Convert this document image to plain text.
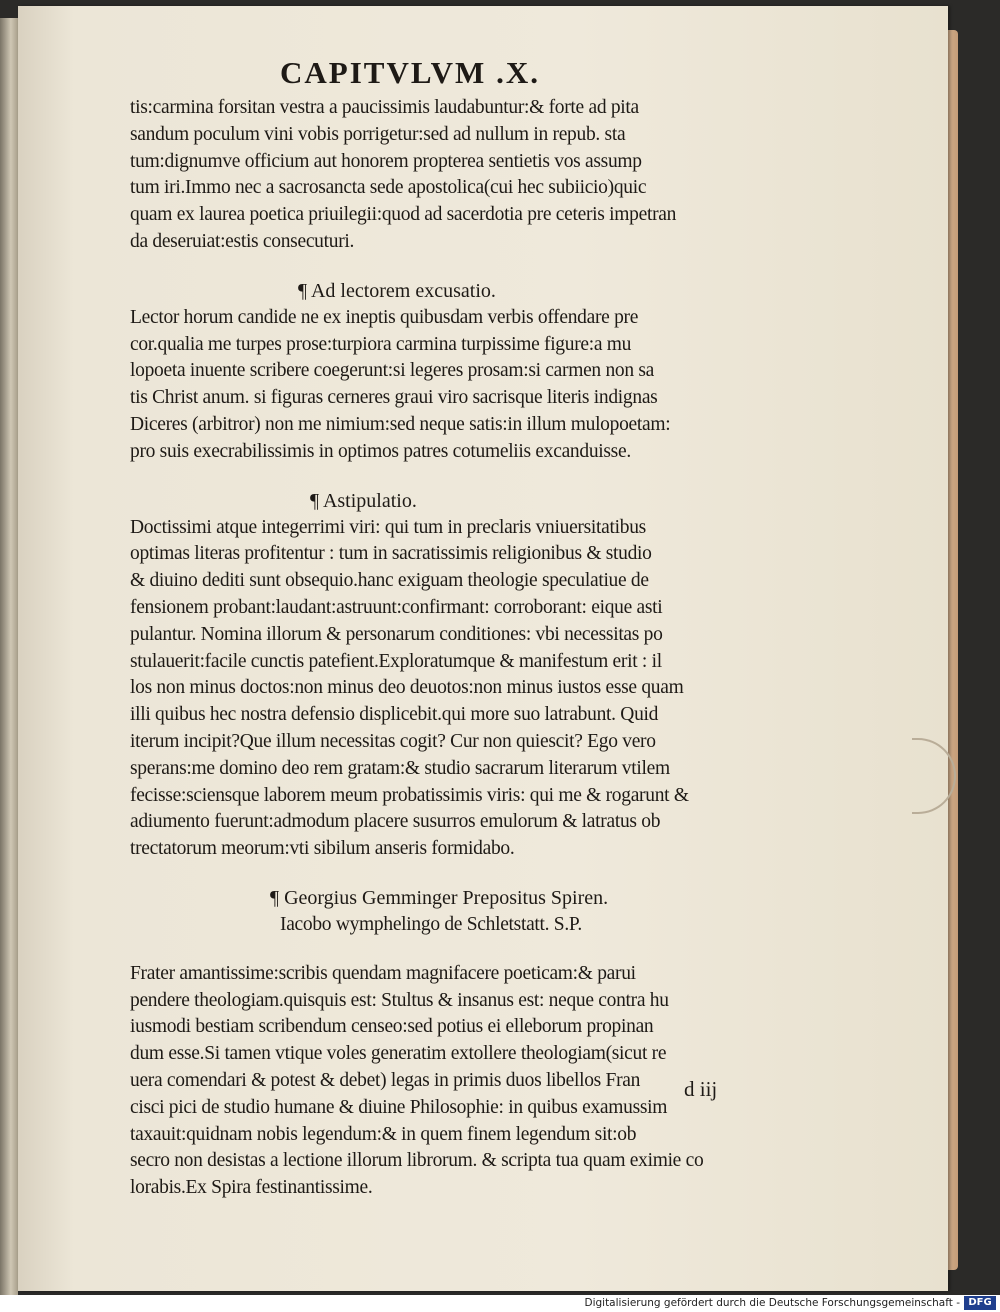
CAPITVLVM .X.
tis:carmina forsitan vestra a paucissimis laudabuntur:& forte ad pita
sandum poculum vini vobis porrigetur:sed ad nullum in repub. sta
tum:dignumve officium aut honorem propterea sentietis vos assump
tum iri.Immo nec a sacrosancta sede apostolica(cui hec subiicio)quic
quam ex laurea poetica priuilegii:quod ad sacerdotia pre ceteris impetran
da deseruiat:estis consecuturi.
¶ Ad lectorem excusatio.
Lector horum candide ne ex ineptis quibusdam verbis offendare pre
cor.qualia me turpes prose:turpiora carmina turpissime figure:a mu
lopoeta inuente scribere coegerunt:si legeres prosam:si carmen non sa
tis Christ anum. si figuras cerneres graui viro sacrisque literis indignas
Diceres (arbitror) non me nimium:sed neque satis:in illum mulopoetam:
pro suis execrabilissimis in optimos patres cotumeliis excanduisse.
¶ Astipulatio.
Doctissimi atque integerrimi viri: qui tum in preclaris vniuersitatibus
optimas literas profitentur : tum in sacratissimis religionibus & studio
& diuino dediti sunt obsequio.hanc exiguam theologie speculatiue de
fensionem probant:laudant:astruunt:confirmant: corroborant: eique asti
pulantur. Nomina illorum & personarum conditiones: vbi necessitas po
stulauerit:facile cunctis patefient.Exploratumque & manifestum erit : il
los non minus doctos:non minus deo deuotos:non minus iustos esse quam
illi quibus hec nostra defensio displicebit.qui more suo latrabunt. Quid
iterum incipit?Que illum necessitas cogit? Cur non quiescit? Ego vero
sperans:me domino deo rem gratam:& studio sacrarum literarum vtilem
fecisse:sciensque laborem meum probatissimis viris: qui me & rogarunt &
adiumento fuerunt:admodum placere susurros emulorum & latratus ob
trectatorum meorum:vti sibilum anseris formidabo.
¶ Georgius Gemminger Prepositus Spiren.
Iacobo wymphelingo de Schletstatt. S.P.
Frater amantissime:scribis quendam magnifacere poeticam:& parui
pendere theologiam.quisquis est: Stultus & insanus est: neque contra hu
iusmodi bestiam scribendum censeo:sed potius ei elleborum propinan
dum esse.Si tamen vtique voles generatim extollere theologiam(sicut re
uera comendari & potest & debet) legas in primis duos libellos Fran
cisci pici de studio humane & diuine Philosophie: in quibus examussim
taxauit:quidnam nobis legendum:& in quem finem legendum sit:ob
secro non desistas a lectione illorum librorum. & scripta tua quam eximie co
lorabis.Ex Spira festinantissime.
d iij
Digitalisierung gefördert durch die Deutsche Forschungsgemeinschaft - DFG
